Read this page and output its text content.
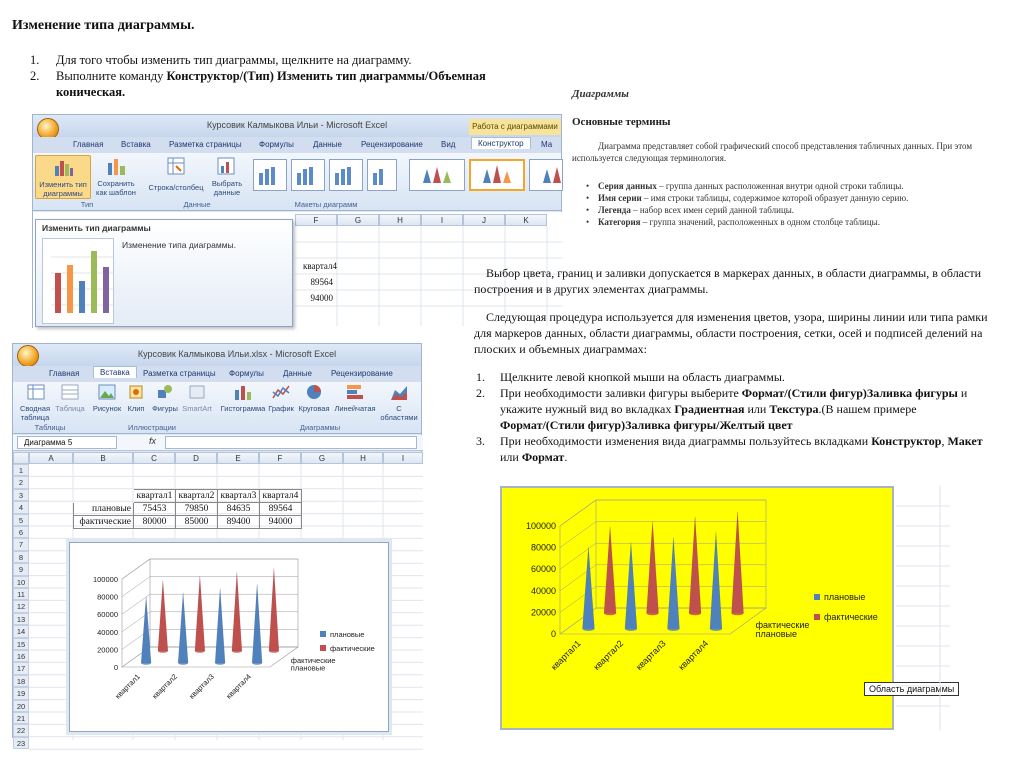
Изменение типа диаграммы.
1. Для того чтобы изменить тип диаграммы, щелкните на диаграмму.
2. Выполните команду Конструктор/(Тип) Изменить тип диаграммы/Объемная коническая.
Курсовик Калмыкова Ильи - Microsoft Excel	Работа с диаграммами
Главная Вставка Разметка страницы Формулы Данные Рецензирование Вид	Конструктор	Ма
Изменить тип диаграммы
Сохранить как шаблон
Строка/столбец	Выбрать данные
Тип	Данные	Макеты диаграмм
F	G	H	I	J	K
квартал4
89564
94000
Изменить тип диаграммы
Изменение типа диаграммы.
Диаграммы
Основные термины
Диаграмма представляет собой графический способ представления табличных данных. При этом используется следующая терминология.
• Серия данных – группа данных расположенная внутри одной строки таблицы.
• Имя серии – имя строки таблицы, содержимое которой образует данную серию.
• Легенда – набор всех имен серий данной таблицы.
• Категория – группа значений, расположенных в одном столбце таблицы.
Выбор цвета, границ и заливки допускается в маркерах данных, в области диаграммы, в области построения и в других элементах диаграммы.
Следующая процедура используется для изменения цветов, узора, ширины линии или типа рамки для маркеров данных, области диаграммы, области построения, сетки, осей и подписей делений на плоских и объемных диаграммах:
1. Щелкните левой кнопкой мыши на область диаграммы.
2. При необходимости заливки фигуры выберите Формат/(Стили фигур)Заливка фигуры и укажите нужный вид во вкладках Градиентная или Текстура.(В нашем примере Формат/(Стили фигур)Заливка фигуры/Желтый цвет
3. При необходимости изменения вида диаграммы пользуйтесь вкладками Конструктор, Макет или Формат.
Курсовик Калмыкова Ильи.xlsx - Microsoft Excel
Главная	Вставка	Разметка страницы Формулы Данные Рецензирование
Сводная таблица
Таблица Рисунок Клип	Фигуры SmartArt Гистограмма График Круговая Линейчатая	С областями
Таблицы	Иллюстрации	Диаграммы
Диаграмма 5	fx
A	B	C	D	E	F	G	H	I
1
2
3
4
5
6
7
8
9
10
11
12
13
14
15
16
17
18
19
20
21
22
23
	квартал1	квартал2	квартал3	квартал4
плановые	75453	79850	84635	89564
фактические	80000	85000	89400	94000
100000
80000
60000
40000
20000
0
фактические
плановые
квартал1 квартал2 квартал3 квартал4
плановые
фактические
100000
80000
60000
40000
20000
0
фактические
плановые
квартал1 квартал2 квартал3 квартал4
плановые
фактические
Область диаграммы
